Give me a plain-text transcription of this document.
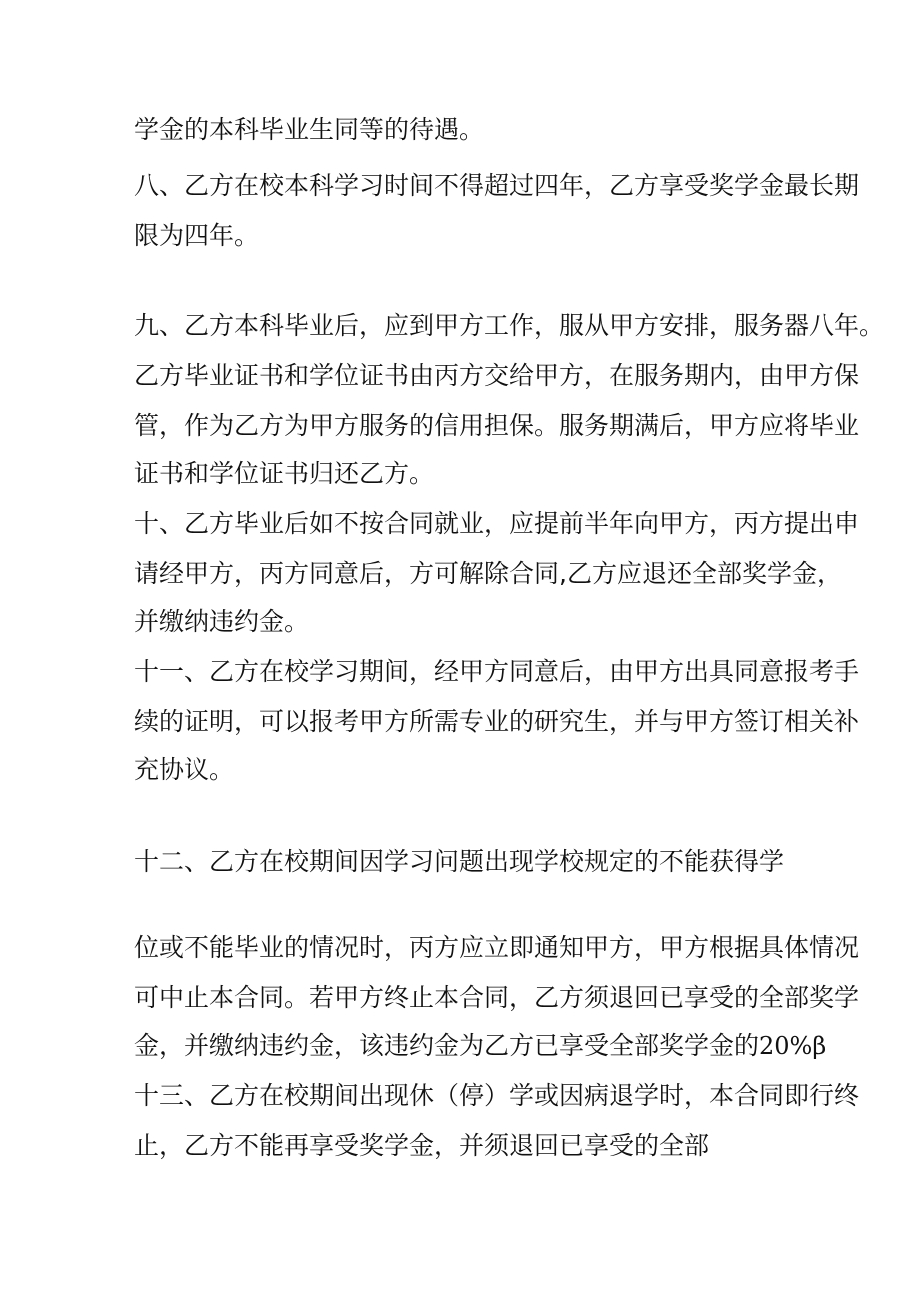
学金的本科毕业生同等的待遇。
八、乙方在校本科学习时间不得超过四年，乙方享受奖学金最长期
限为四年。
九、乙方本科毕业后，应到甲方工作，服从甲方安排，服务器八年。
乙方毕业证书和学位证书由丙方交给甲方，在服务期内，由甲方保
管，作为乙方为甲方服务的信用担保。服务期满后，甲方应将毕业
证书和学位证书归还乙方。
十、乙方毕业后如不按合同就业，应提前半年向甲方，丙方提出申
请经甲方，丙方同意后，方可解除合同,乙方应退还全部奖学金，
并缴纳违约金。
十一、乙方在校学习期间，经甲方同意后，由甲方出具同意报考手
续的证明，可以报考甲方所需专业的研究生，并与甲方签订相关补
充协议。
十二、乙方在校期间因学习问题出现学校规定的不能获得学
位或不能毕业的情况时，丙方应立即通知甲方，甲方根据具体情况
可中止本合同。若甲方终止本合同，乙方须退回已享受的全部奖学
金，并缴纳违约金，该违约金为乙方已享受全部奖学金的20%β
十三、乙方在校期间出现休（停）学或因病退学时，本合同即行终
止，乙方不能再享受奖学金，并须退回已享受的全部
